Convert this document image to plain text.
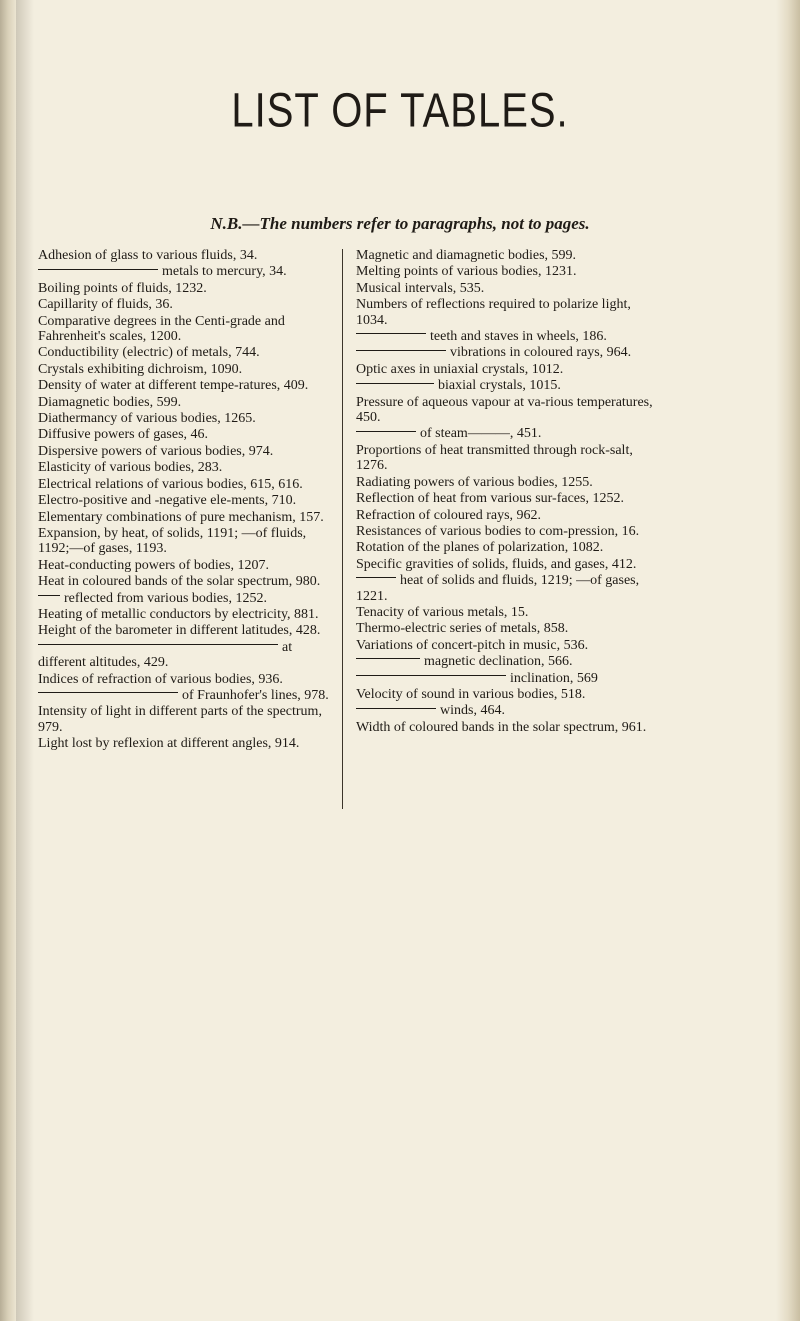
LIST OF TABLES.
N.B.—The numbers refer to paragraphs, not to pages.
Adhesion of glass to various fluids, 34.
metals to mercury, 34.
Boiling points of fluids, 1232.
Capillarity of fluids, 36.
Comparative degrees in the Centi-grade and Fahrenheit's scales, 1200.
Conductibility (electric) of metals, 744.
Crystals exhibiting dichroism, 1090.
Density of water at different tempe-ratures, 409.
Diamagnetic bodies, 599.
Diathermancy of various bodies, 1265.
Diffusive powers of gases, 46.
Dispersive powers of various bodies, 974.
Elasticity of various bodies, 283.
Electrical relations of various bodies, 615, 616.
Electro-positive and -negative ele-ments, 710.
Elementary combinations of pure mechanism, 157.
Expansion, by heat, of solids, 1191; —of fluids, 1192;—of gases, 1193.
Heat-conducting powers of bodies, 1207.
Heat in coloured bands of the solar spectrum, 980.
reflected from various bodies, 1252.
Heating of metallic conductors by electricity, 881.
Height of the barometer in different latitudes, 428.
at different altitudes, 429.
Indices of refraction of various bodies, 936.
of Fraunhofer's lines, 978.
Intensity of light in different parts of the spectrum, 979.
Light lost by reflexion at different angles, 914.
Magnetic and diamagnetic bodies, 599.
Melting points of various bodies, 1231.
Musical intervals, 535.
Numbers of reflections required to polarize light, 1034.
teeth and staves in wheels, 186.
vibrations in coloured rays, 964.
Optic axes in uniaxial crystals, 1012.
biaxial crystals, 1015.
Pressure of aqueous vapour at va-rious temperatures, 450.
of steam———, 451.
Proportions of heat transmitted through rock-salt, 1276.
Radiating powers of various bodies, 1255.
Reflection of heat from various sur-faces, 1252.
Refraction of coloured rays, 962.
Resistances of various bodies to com-pression, 16.
Rotation of the planes of polarization, 1082.
Specific gravities of solids, fluids, and gases, 412.
heat of solids and fluids, 1219; —of gases, 1221.
Tenacity of various metals, 15.
Thermo-electric series of metals, 858.
Variations of concert-pitch in music, 536.
magnetic declination, 566.
inclination, 569
Velocity of sound in various bodies, 518.
winds, 464.
Width of coloured bands in the solar spectrum, 961.
